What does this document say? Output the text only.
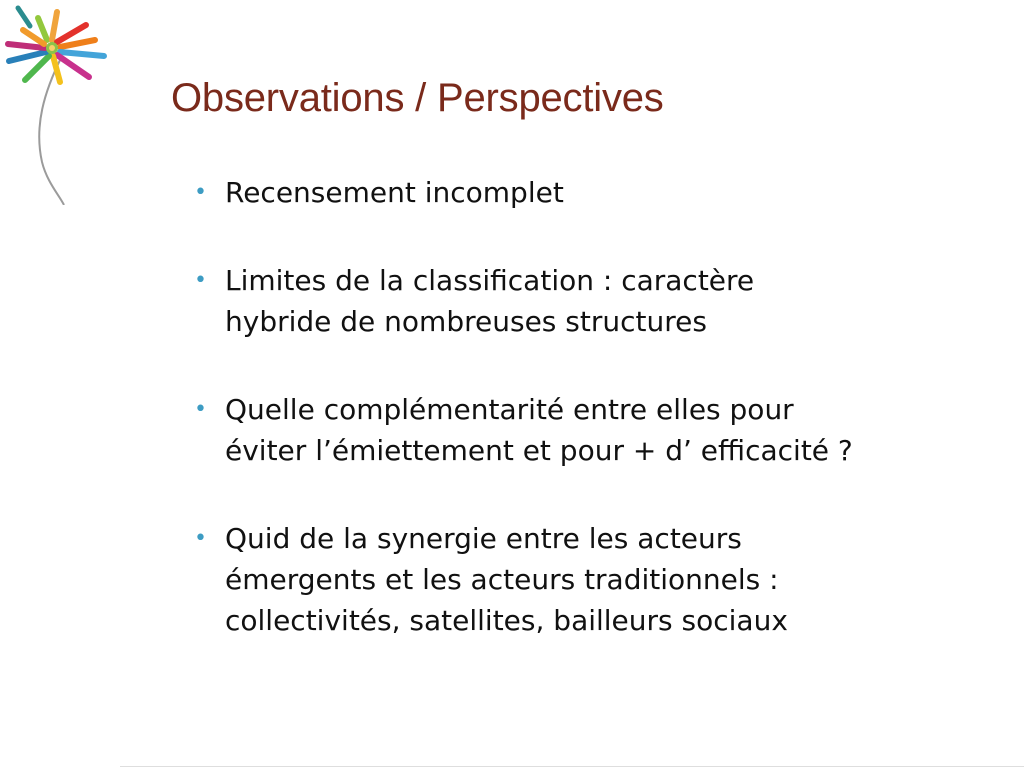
Observations / Perspectives
• Recensement incomplet
• Limites de la classification : caractère
hybride de nombreuses structures
• Quelle complémentarité entre elles pour
éviter l’émiettement et pour + d’ efficacité ?
• Quid de la synergie entre les acteurs
émergents et les acteurs traditionnels :
collectivités, satellites, bailleurs sociaux
